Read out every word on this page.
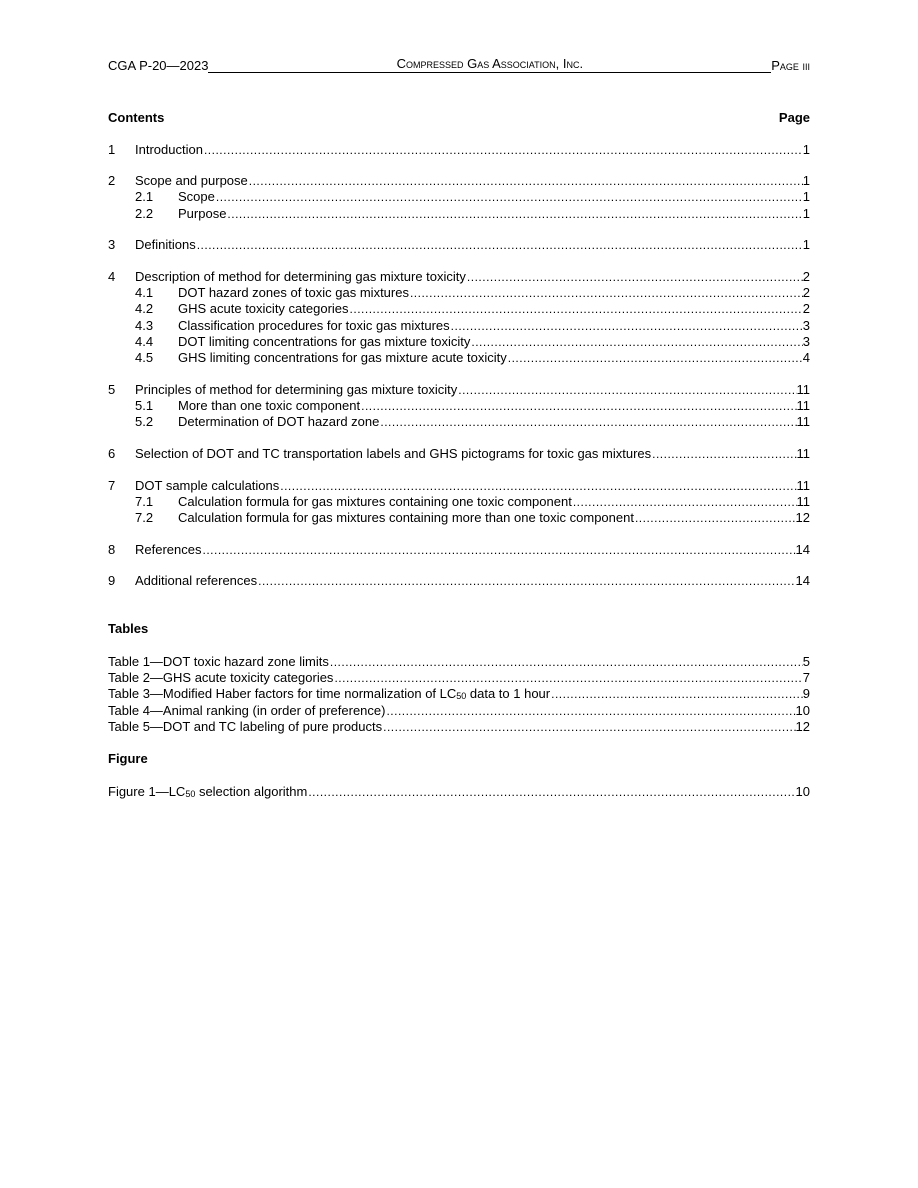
CGA P-20—2023	Compressed Gas Association, Inc.	Page iii
Contents	Page
1	Introduction .....	1
2	Scope and purpose .....	1
2.1	Scope .....	1
2.2	Purpose .....	1
3	Definitions .....	1
4	Description of method for determining gas mixture toxicity .....	2
4.1	DOT hazard zones of toxic gas mixtures .....	2
4.2	GHS acute toxicity categories .....	2
4.3	Classification procedures for toxic gas mixtures .....	3
4.4	DOT limiting concentrations for gas mixture toxicity .....	3
4.5	GHS limiting concentrations for gas mixture acute toxicity .....	4
5	Principles of method for determining gas mixture toxicity .....	11
5.1	More than one toxic component .....	11
5.2	Determination of DOT hazard zone .....	11
6	Selection of DOT and TC transportation labels and GHS pictograms for toxic gas mixtures .....	11
7	DOT sample calculations .....	11
7.1	Calculation formula for gas mixtures containing one toxic component .....	11
7.2	Calculation formula for gas mixtures containing more than one toxic component .....	12
8	References .....	14
9	Additional references .....	14
Tables
Table 1—DOT toxic hazard zone limits .....	5
Table 2—GHS acute toxicity categories .....	7
Table 3—Modified Haber factors for time normalization of LC50 data to 1 hour .....	9
Table 4—Animal ranking (in order of preference) .....	10
Table 5—DOT and TC labeling of pure products .....	12
Figure
Figure 1—LC50 selection algorithm .....	10
